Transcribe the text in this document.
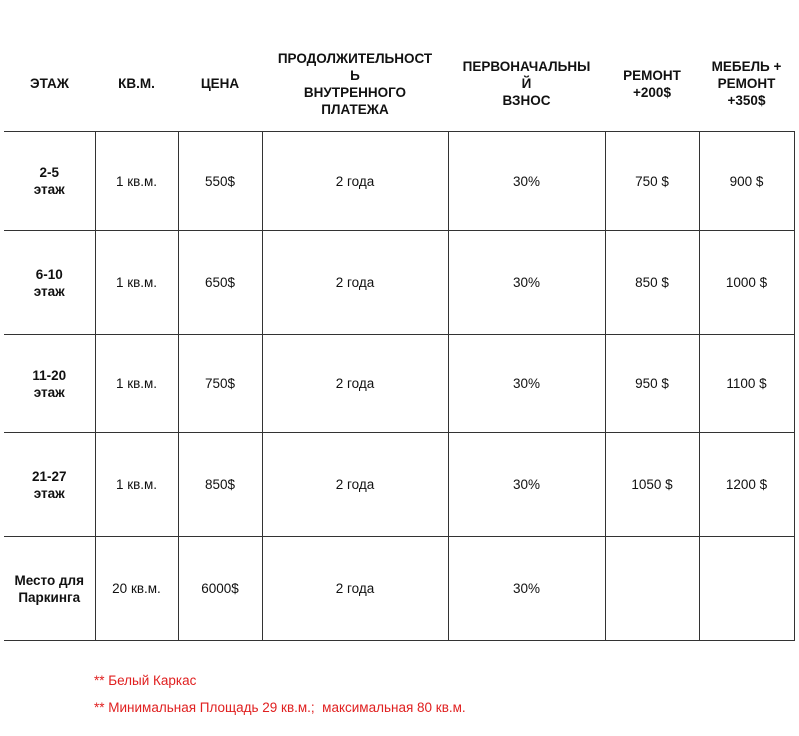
ЭТАЖ	КВ.М.	ЦЕНА	ПРОДОЛЖИТЕЛЬНОСТ
Ь
ВНУТРЕННОГО
ПЛАТЕЖА	ПЕРВОНАЧАЛЬНЫ
Й
ВЗНОС	РЕМОНТ
+200$	МЕБЕЛЬ +
РЕМОНТ
+350$

2-5
этаж	1 кв.м.	550$	2 года	30%	750 $	900 $

6-10
этаж	1 кв.м.	650$	2 года	30%	850 $	1000 $

11-20
этаж	1 кв.м.	750$	2 года	30%	950 $	1100 $

21-27
этаж	1 кв.м.	850$	2 года	30%	1050 $	1200 $

Место для
Паркинга	20 кв.м.	6000$	2 года	30%		
** Белый Каркас
** Минимальная Площадь 29 кв.м.;  максимальная 80 кв.м.
